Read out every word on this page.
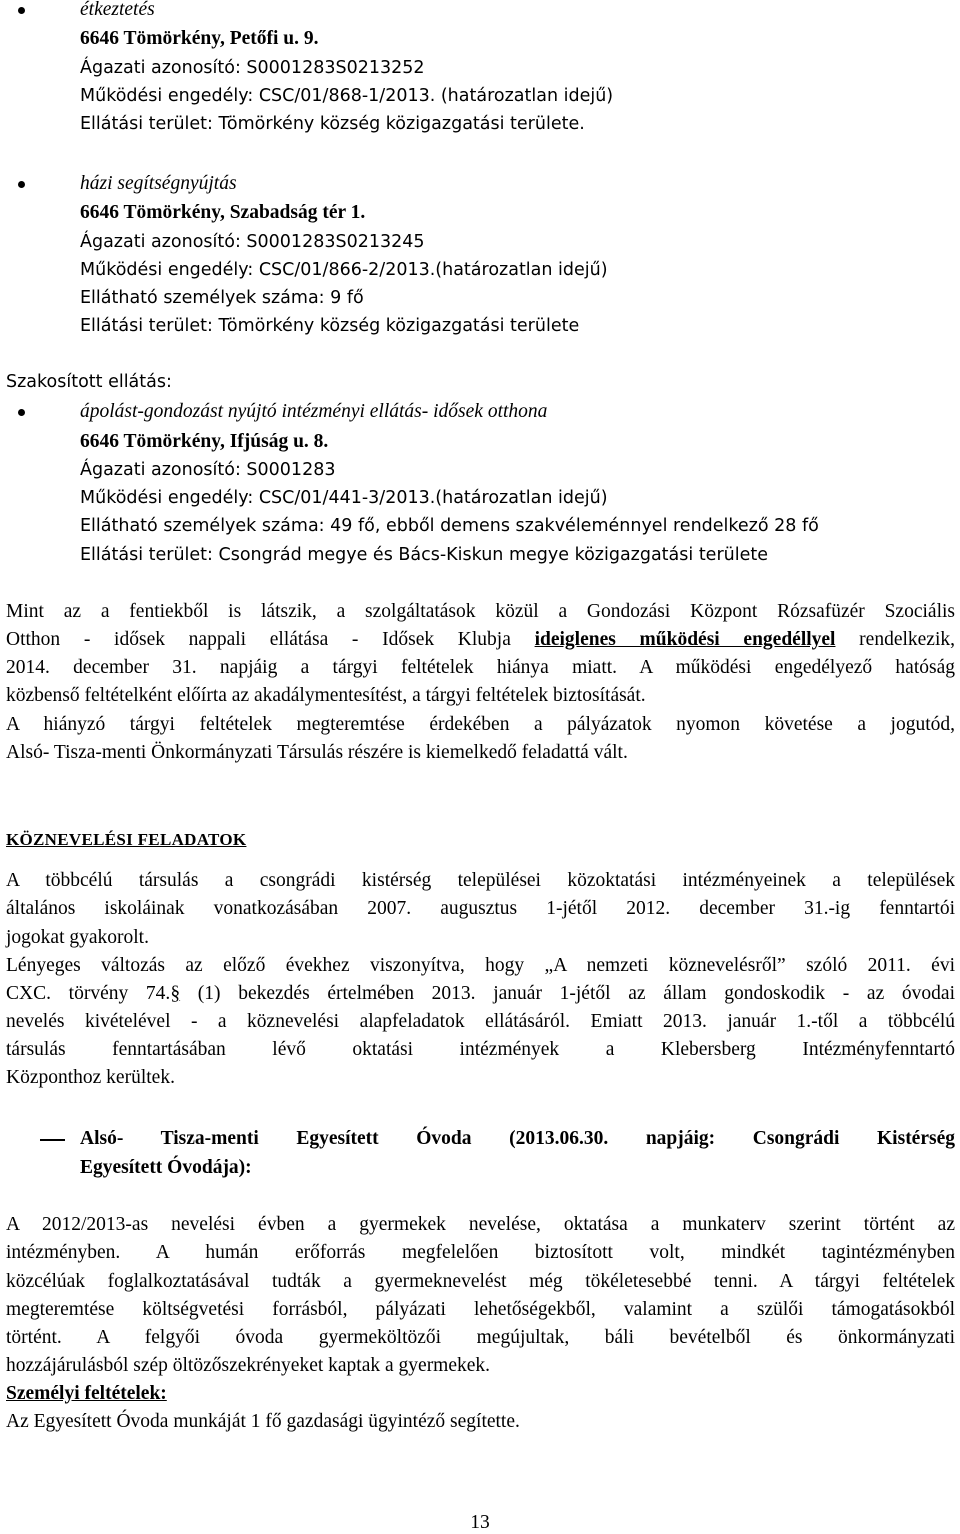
étkeztetés
6646 Tömörkény, Petőfi u. 9.
Ágazati azonosító: S0001283S0213252
Működési engedély: CSC/01/868-1/2013. (határozatlan idejű)
Ellátási terület: Tömörkény község közigazgatási területe.
házi segítségnyújtás
6646 Tömörkény, Szabadság tér 1.
Ágazati azonosító: S0001283S0213245
Működési engedély: CSC/01/866-2/2013.(határozatlan idejű)
Ellátható személyek száma: 9 fő
Ellátási terület: Tömörkény község közigazgatási területe
Szakosított ellátás:
ápolást-gondozást nyújtó intézményi ellátás- idősek otthona
6646 Tömörkény, Ifjúság u. 8.
Ágazati azonosító: S0001283
Működési engedély: CSC/01/441-3/2013.(határozatlan idejű)
Ellátható személyek száma: 49 fő, ebből demens szakvéleménnyel rendelkező 28 fő
Ellátási terület: Csongrád megye és Bács-Kiskun megye közigazgatási területe
Mint az a fentiekből is látszik, a szolgáltatások közül a Gondozási Központ Rózsafüzér Szociális
Otthon - idősek nappali ellátása - Idősek Klubja ideiglenes működési engedéllyel rendelkezik,
2014. december 31. napjáig a tárgyi feltételek hiánya miatt. A működési engedélyező hatóság
közbenső feltételként előírta az akadálymentesítést, a tárgyi feltételek biztosítását.
A hiányzó tárgyi feltételek megteremtése érdekében a pályázatok nyomon követése a jogutód,
Alsó- Tisza-menti Önkormányzati Társulás részére is kiemelkedő feladattá vált.
KÖZNEVELÉSI FELADATOK
A többcélú társulás a csongrádi kistérség települései közoktatási intézményeinek a települések
általános iskoláinak vonatkozásában 2007. augusztus 1-jétől 2012. december 31.-ig fenntartói
jogokat gyakorolt.
Lényeges változás az előző évekhez viszonyítva, hogy „A nemzeti köznevelésről” szóló 2011. évi
CXC. törvény 74.§ (1) bekezdés értelmében 2013. január 1-jétől az állam gondoskodik - az óvodai
nevelés kivételével - a köznevelési alapfeladatok ellátásáról. Emiatt 2013. január 1.-től a többcélú
társulás fenntartásában lévő oktatási intézmények a Klebersberg Intézményfenntartó
Központhoz kerültek.
Alsó- Tisza-menti Egyesített Óvoda (2013.06.30. napjáig: Csongrádi Kistérség
Egyesített Óvodája):
A 2012/2013-as nevelési évben a gyermekek nevelése, oktatása a munkaterv szerint történt az
intézményben. A humán erőforrás megfelelően biztosított volt, mindkét tagintézményben
közcélúak foglalkoztatásával tudták a gyermeknevelést még tökéletesebbé tenni. A tárgyi feltételek
megteremtése költségvetési forrásból, pályázati lehetőségekből, valamint a szülői támogatásokból
történt. A felgyői óvoda gyermeköltözői megújultak, báli bevételből és önkormányzati
hozzájárulásból szép öltözőszekrényeket kaptak a gyermekek.
Személyi feltételek:
Az Egyesített Óvoda munkáját 1 fő gazdasági ügyintéző segítette.
13
